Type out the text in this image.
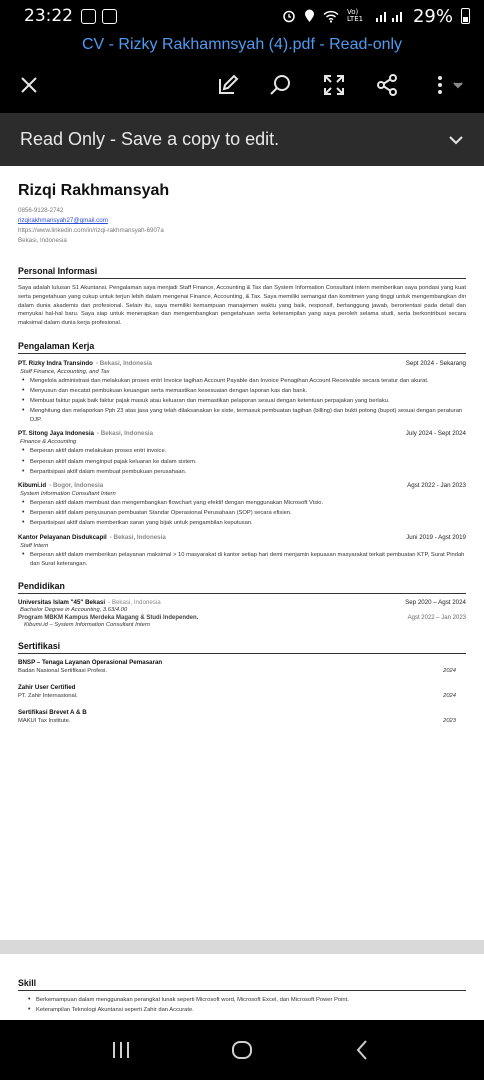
23:22	Vo) LTE1	29%
CV - Rizky Rakhamnsyah (4).pdf - Read-only
Read Only - Save a copy to edit.
Rizqi Rakhmansyah
0856-9128-2742
rizqirakhmansyah27@gmail.com
https://www.linkedin.com/in/rizqi-rakhmansyah-6907a
Bekasi, Indonesia
Personal Informasi
Saya adalah lulusan S1 Akuntansi. Pengalaman saya menjadi Staff Finance, Accounting & Tax dan System Information Consultant intern memberikan saya pondasi yang kuat serta pengetahuan yang cukup untuk terjun lebih dalam mengenai Finance, Accounting, & Tax. Saya memiliki semangat dan komitmen yang tinggi untuk mengembangkan diri dalam dunia akademis dan profesional. Selain itu, saya memiliki kemampuan manajemen waktu yang baik, responsif, bertanggung jawab, berorientasi pada detail dan menyukai hal-hal baru. Saya siap untuk menerapkan dan mengembangkan pengetahuan serta keterampilan yang saya peroleh selama studi, serta berkontribusi secara maksimal dalam dunia kerja profesional.
Pengalaman Kerja
PT. Rizky Indra Transindo - Bekasi, Indonesia	Sept 2024 - Sekarang
Staff Finance, Accounting, and Tax
• Mengelola administrasi dan melakukan proses entri Invoice tagihan Account Payable dan Invoice Penagihan Account Receivable secara teratur dan akurat.
• Menyusun dan mecatat pembukuan keuangan serta memastikan kesesuaian dengan laporan kas dan bank.
• Membuat faktur pajak baik faktur pajak masuk atau keluaran dan memastikan pelaporan sesuai dengan ketentuan perpajakan yang berlaku.
• Menghitung dan melaporkan Pph 23 atas jasa yang telah dilaksanakan ke siste, termasuk pembuatan tagihan (billing) dan bukti potong (bupot) sesuai dengan peraturan DJP.
PT. Sitong Jaya Indonesia - Bekasi, Indonesia	July 2024 - Sept 2024
Finance & Accounting
• Berperan aktif dalam melakukan proses entri invoice.
• Berperan aktif dalam menginput pajak keluaran ke dalam sistem.
• Berpartisipasi aktif dalam membuat pembukuan perusahaan.
Kibumi.id - Bogor, Indonesia	Agst 2022 - Jan 2023
System Information Consultant Intern
• Berperan aktif dalam membuat dan mengembangkan flowchart yang efektif dengan menggunakan Microsoft Visio.
• Berperan aktif dalam penyusunan pembuatan Standar Operasional Perusahaan (SOP) secara efisien.
• Berpartisipasi aktif dalam memberikan saran yang bijak untuk pengambilan keputusan.
Kantor Pelayanan Disdukcapil - Bekasi, Indonesia	Juni 2019 - Agst 2019
Staff Intern
• Berperan aktif dalam memberikan pelayanan maksimal > 10 masyarakat di kantor setiap hari demi menjamin kepuasan masyarakat terkait pembuatan KTP, Surat Pindah dan Surat keterangan.
Pendidikan
Universitas Islam "45" Bekasi - Bekasi, Indonesia	Sep 2020 – Agst 2024
Bachelor Degree in Accounting, 3.63/4.00
Program MBKM Kampus Merdeka Magang & Studi Independen.	Agst 2022 – Jan 2023
Kibumi.id – System Information Consultant Intern
Sertifikasi
BNSP – Tenaga Layanan Operasional Pemasaran
Badan Nasional Sertifikasi Profesi.	2024
Zahir User Certified
PT. Zahir Internasional.	2024
Sertifikasi Brevet A & B
MAKUI Tax Institute.	2023
Skill
• Berkemampuan dalam menggunakan perangkat lunak seperti Microsoft word, Microsoft Excel, dan Microsoft Power Point.
• Keterampilan Teknologi Akuntansi seperti Zahir dan Accurate.
